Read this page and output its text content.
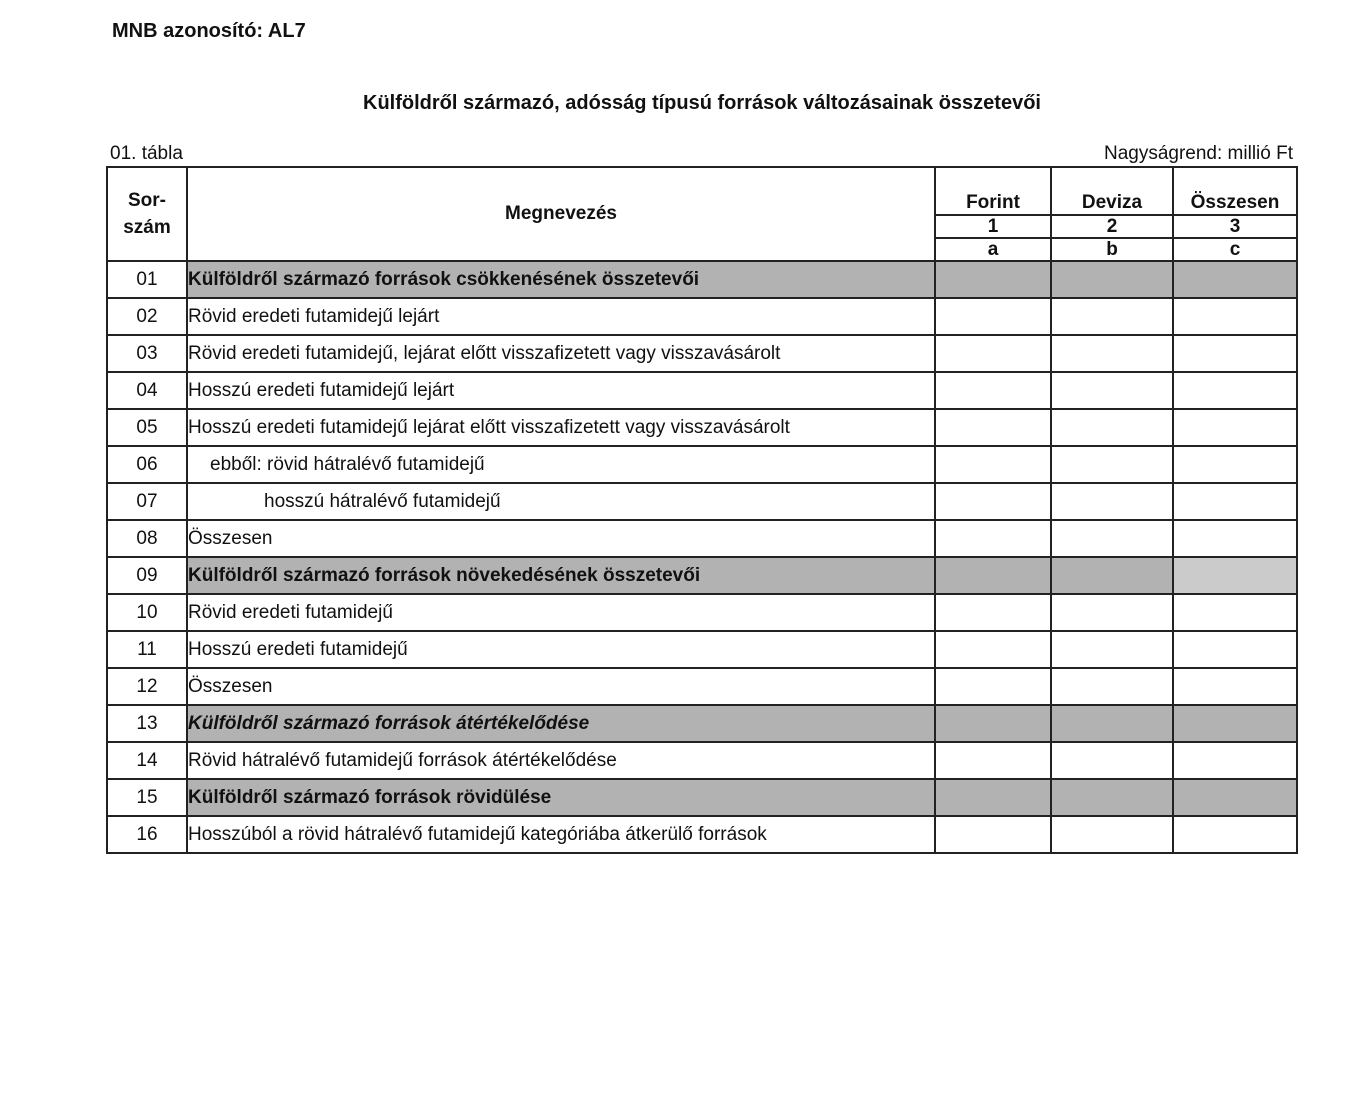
MNB azonosító: AL7
Külföldről származó, adósság típusú források változásainak összetevői
01. tábla	Nagyságrend: millió Ft
Sor-
szám	Megnevezés	Forint	Deviza	Összesen
		1	2	3
		a	b	c
01	Külföldről származó források csökkenésének összetevői			
02	Rövid eredeti futamidejű lejárt			
03	Rövid eredeti futamidejű, lejárat előtt visszafizetett vagy visszavásárolt			
04	Hosszú eredeti futamidejű lejárt			
05	Hosszú eredeti futamidejű lejárat előtt visszafizetett vagy visszavásárolt			
06	ebből: rövid hátralévő futamidejű			
07	hosszú hátralévő futamidejű			
08	Összesen			
09	Külföldről származó források növekedésének összetevői			
10	Rövid eredeti futamidejű			
11	Hosszú eredeti futamidejű			
12	Összesen			
13	Külföldről származó források átértékelődése			
14	Rövid hátralévő futamidejű források átértékelődése			
15	Külföldről származó források rövidülése			
16	Hosszúból a rövid hátralévő futamidejű kategóriába átkerülő források			
